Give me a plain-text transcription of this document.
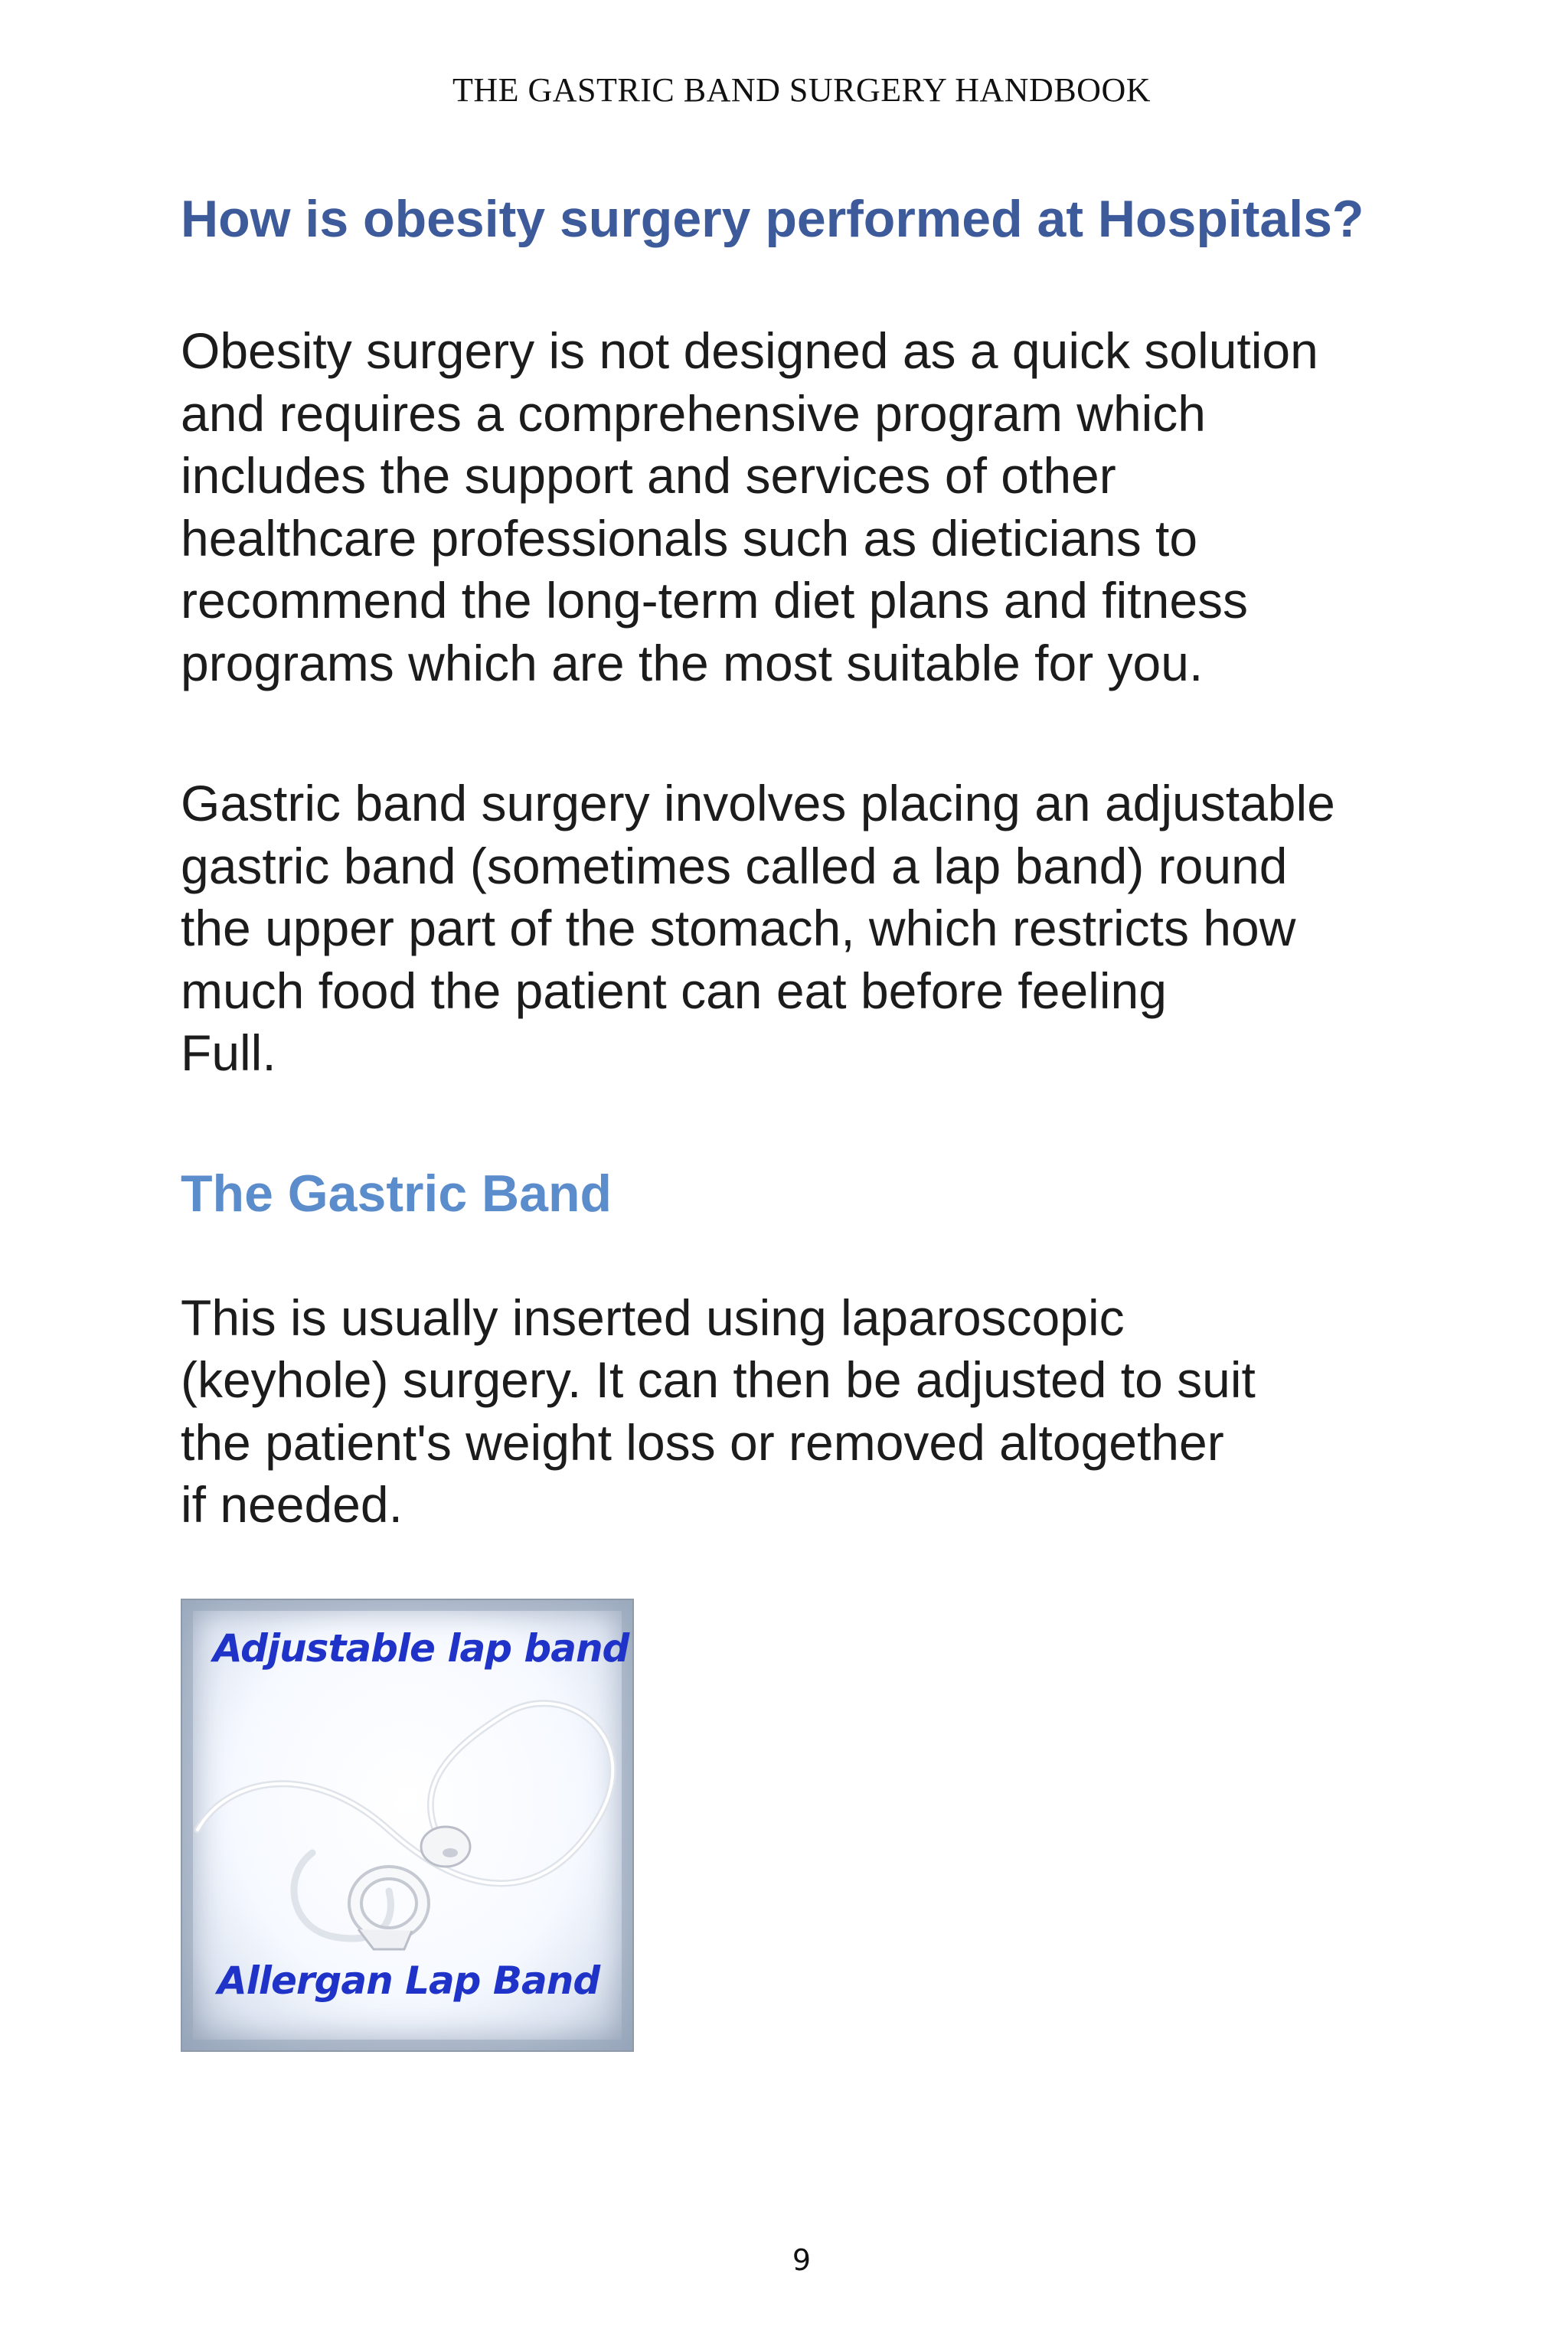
THE GASTRIC BAND SURGERY HANDBOOK
How is obesity surgery performed at Hospitals?

Obesity surgery is not designed as a quick solution
and requires a comprehensive program which
includes the support and services of other
healthcare professionals such as dieticians to
recommend the long-term diet plans and fitness
programs which are the most suitable for you.

Gastric band surgery involves placing an adjustable
gastric band (sometimes called a lap band) round
the upper part of the stomach, which restricts how
much food the patient can eat before feeling
Full.

The Gastric Band

This is usually inserted using laparoscopic
(keyhole) surgery. It can then be adjusted to suit
the patient's weight loss or removed altogether
if needed.

Adjustable lap band
Allergan Lap Band
9
